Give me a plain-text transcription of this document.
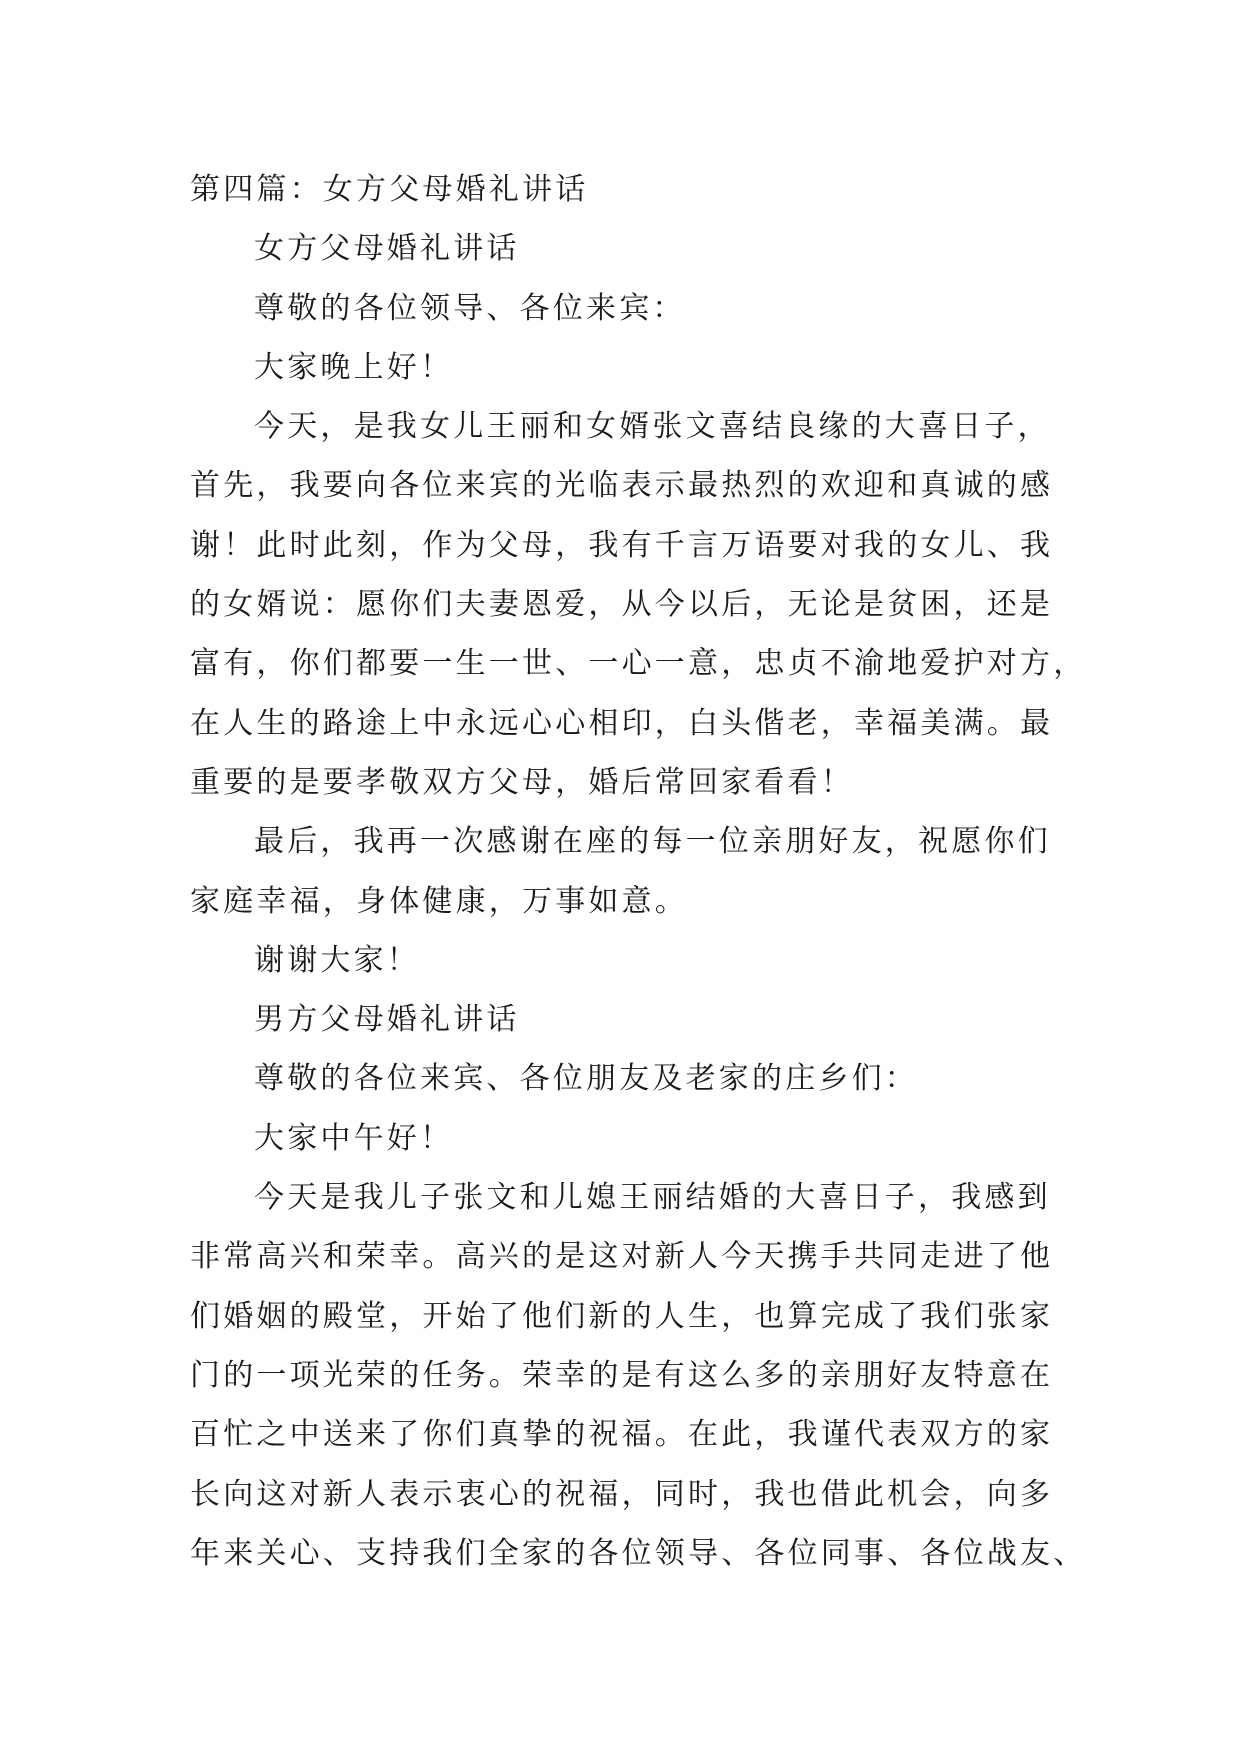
第四篇：女方父母婚礼讲话
女方父母婚礼讲话
尊敬的各位领导、各位来宾：
大家晚上好！
今天，是我女儿王丽和女婿张文喜结良缘的大喜日子，
首先，我要向各位来宾的光临表示最热烈的欢迎和真诚的感
谢！此时此刻，作为父母，我有千言万语要对我的女儿、我
的女婿说：愿你们夫妻恩爱，从今以后，无论是贫困，还是
富有，你们都要一生一世、一心一意，忠贞不渝地爱护对方，
在人生的路途上中永远心心相印，白头偕老，幸福美满。最
重要的是要孝敬双方父母，婚后常回家看看！
最后，我再一次感谢在座的每一位亲朋好友，祝愿你们
家庭幸福，身体健康，万事如意。
谢谢大家！
男方父母婚礼讲话
尊敬的各位来宾、各位朋友及老家的庄乡们：
大家中午好！
今天是我儿子张文和儿媳王丽结婚的大喜日子，我感到
非常高兴和荣幸。高兴的是这对新人今天携手共同走进了他
们婚姻的殿堂，开始了他们新的人生，也算完成了我们张家
门的一项光荣的任务。荣幸的是有这么多的亲朋好友特意在
百忙之中送来了你们真挚的祝福。在此，我谨代表双方的家
长向这对新人表示衷心的祝福，同时，我也借此机会，向多
年来关心、支持我们全家的各位领导、各位同事、各位战友、
